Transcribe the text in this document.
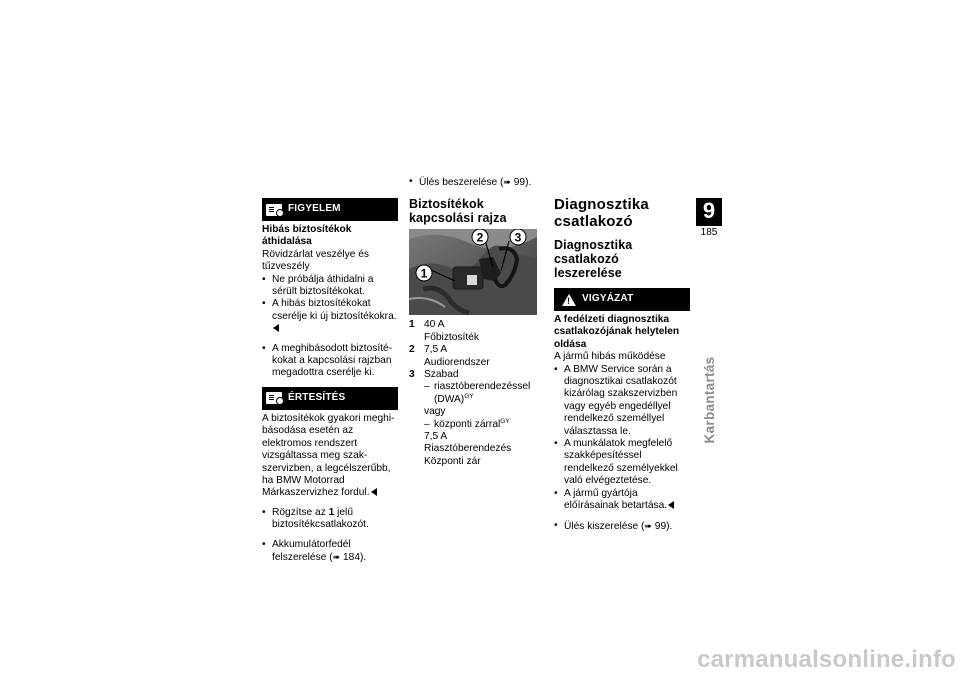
FIGYELEM

Hibás biztosítékok áthidalása

Rövidzárlat veszélye és tűzveszély

• Ne próbálja áthidalni a sérült biztosítékokat.
• A hibás biztosítékokat cserélje ki új biztosítékokra.
• A meghibásodott biztosítékokat a kapcsolási rajzban megadottra cserélje ki.
ÉRTESÍTÉS

A biztosítékok gyakori meghibásodása esetén az elektromos rendszert vizsgáltassa meg szakszervizben, a legcélszerűbb, ha BMW Motorrad Márkaszervizhez fordul.

• Rögzítse az 1 jelű biztosítékcsatlakozót.
• Akkumulátorfedél felszerelése (➠ 184).
• Ülés beszerelése (➠ 99).
Biztosítékok kapcsolási rajza
1
2	3
1 40 A
Főbiztosíték
2 7,5 A
Audiorendszer
3 Szabad
– riasztóberendezéssel (DWA)$^{GY}$
vagy
– központi zárral$^{GY}$
7,5 A
Riasztóberendezés
Központi zár
Diagnosztika csatlakozó
Diagnosztika csatlakozó leszerelése
! VIGYÁZAT

A fedélzeti diagnosztika csatlakozójának helytelen oldása

A jármű hibás működése

• A BMW Service során a diagnosztikai csatlakozót kizárólag szakszervizben vagy egyéb engedéllyel rendelkező személlyel választassa le.
• A munkálatok megfelelő szakképesítéssel rendelkező személyekkel való elvégeztetése.
• A jármű gyártója előírásainak betartása.
• Ülés kiszerelése (➠ 99).
9
185
Karbantartás
carmanualsonline.info
